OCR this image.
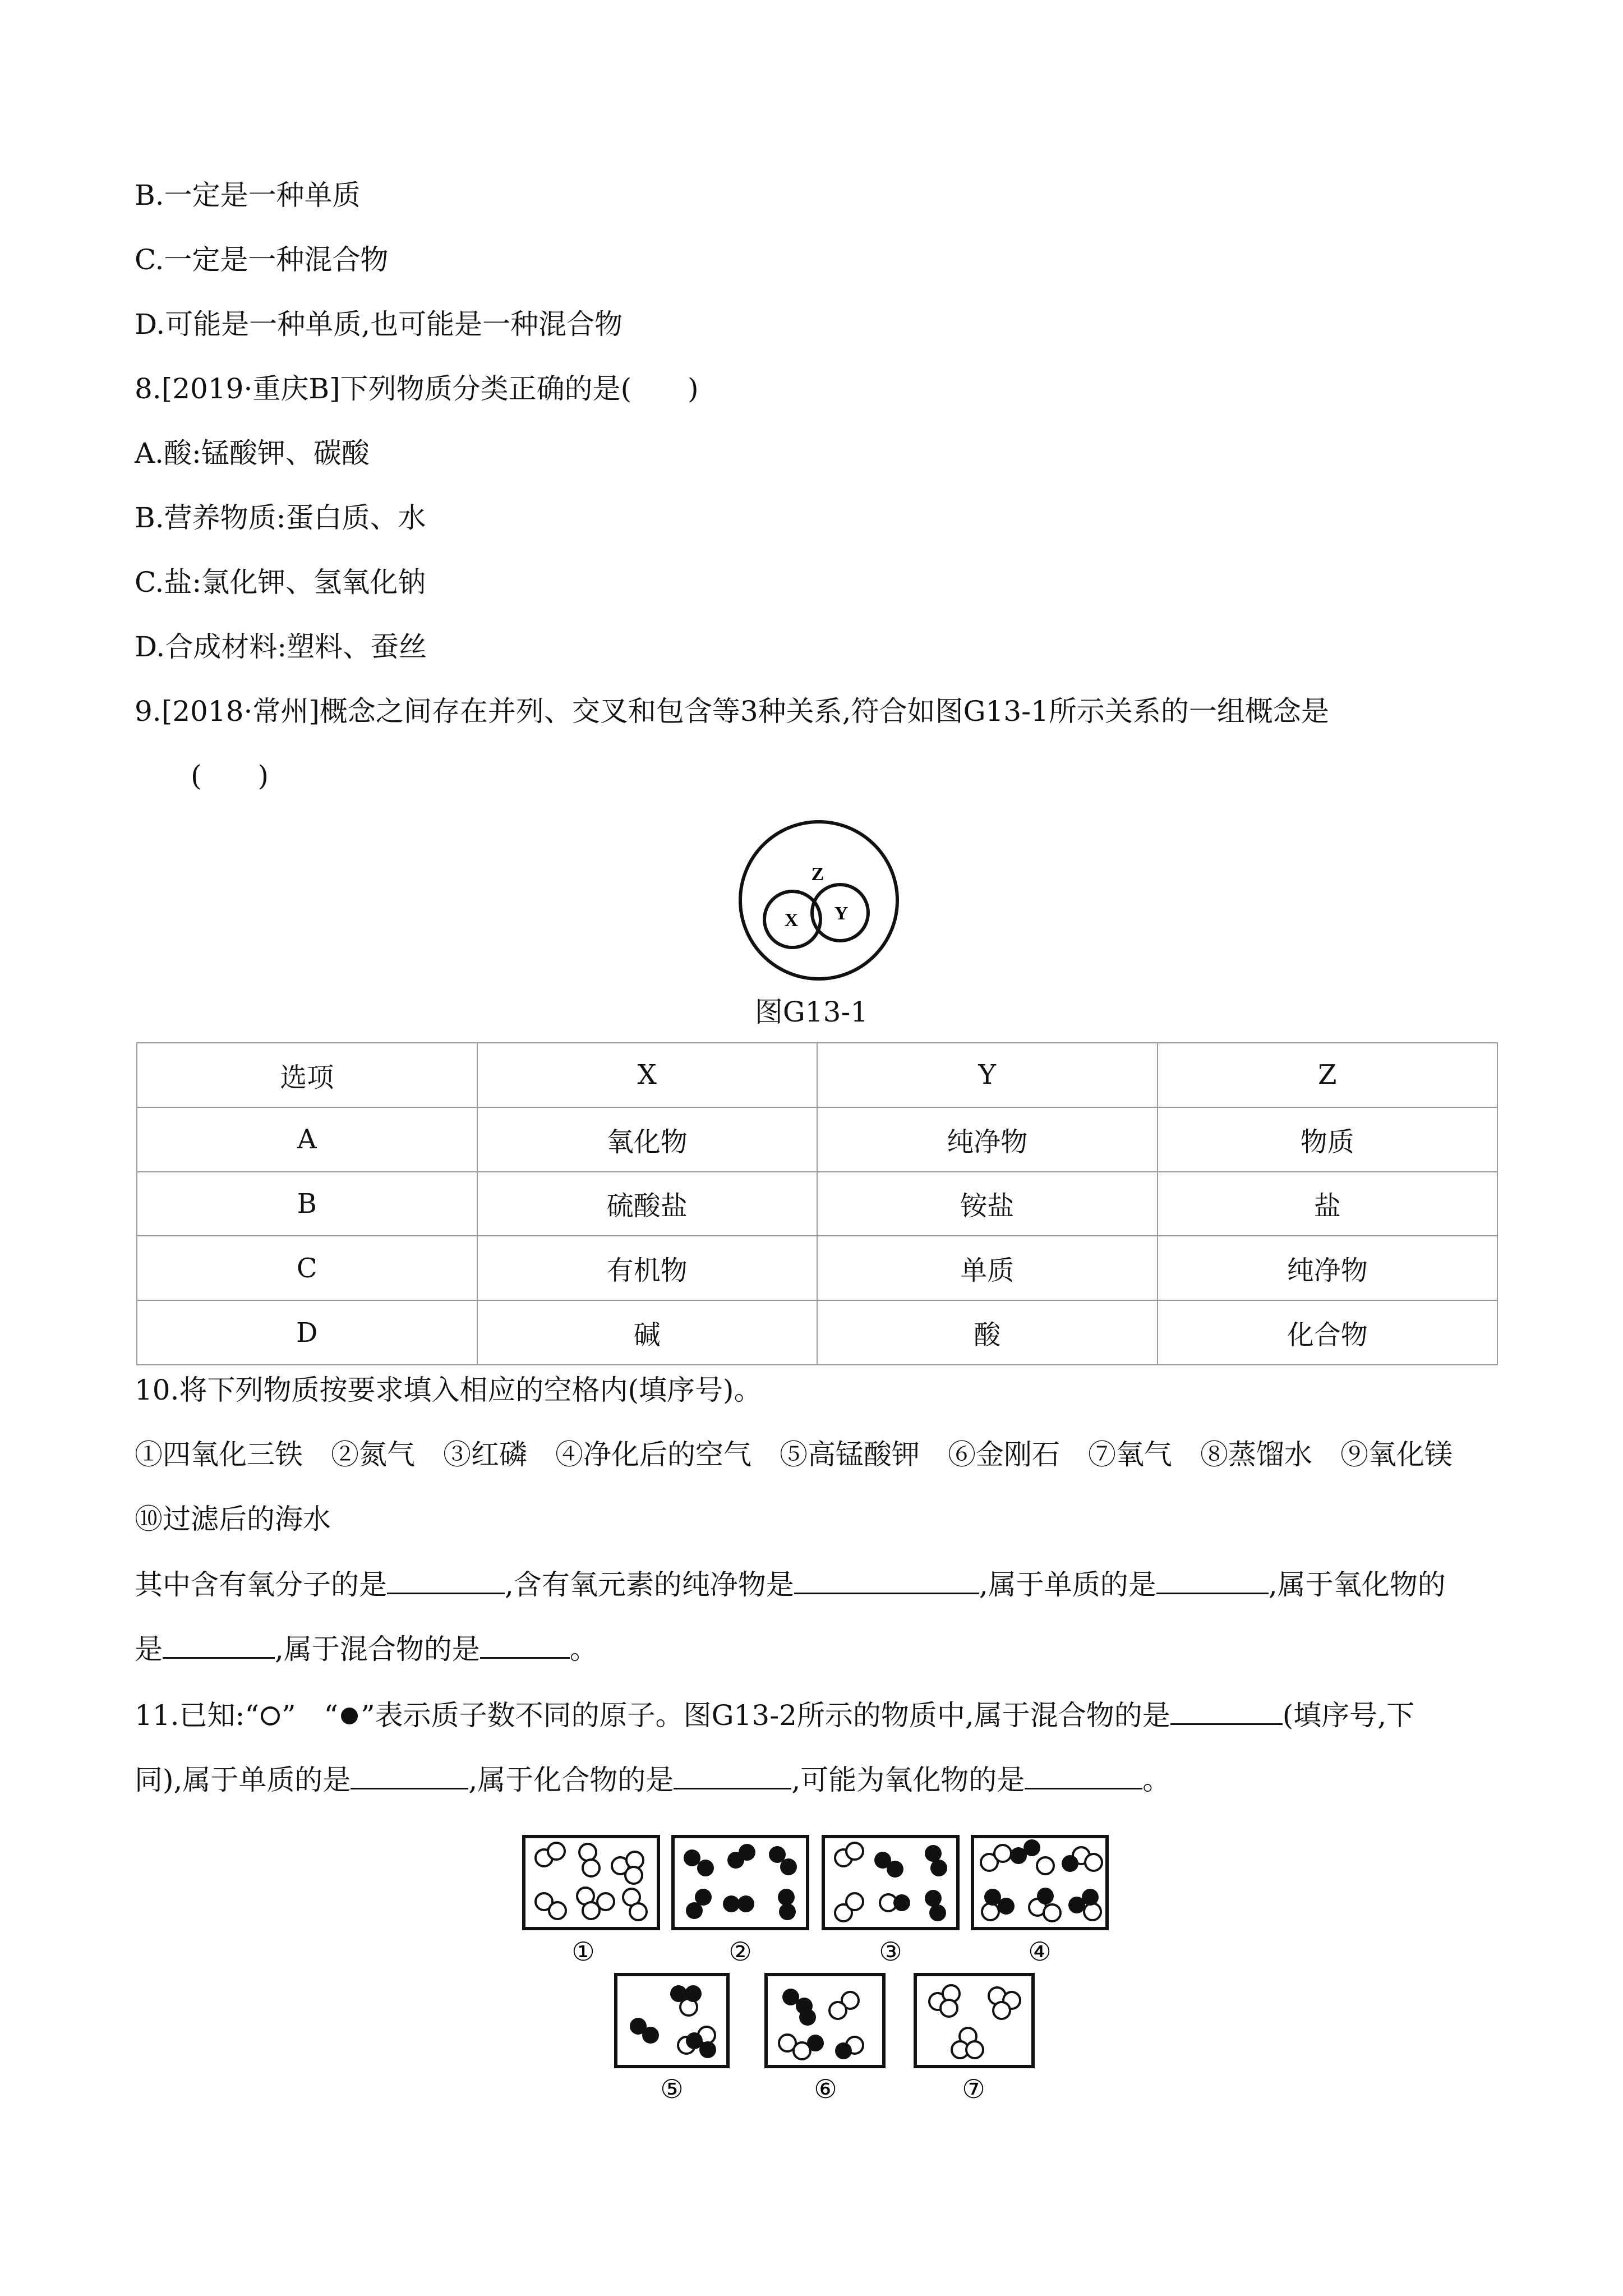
B.一定是一种单质
C.一定是一种混合物
D.可能是一种单质,也可能是一种混合物
8.[2019·重庆B]下列物质分类正确的是(　　)
A.酸:锰酸钾、碳酸
B.营养物质:蛋白质、水
C.盐:氯化钾、氢氧化钠
D.合成材料:塑料、蚕丝
9.[2018·常州]概念之间存在并列、交叉和包含等3种关系,符合如图G13-1所示关系的一组概念是
(　　)
Z
X Y
图G13-1
选项	X	Y	Z
A	氧化物	纯净物	物质
B	硫酸盐	铵盐	盐
C	有机物	单质	纯净物
D	碱	酸	化合物
10.将下列物质按要求填入相应的空格内(填序号)。
①四氧化三铁　②氮气　③红磷　④净化后的空气　⑤高锰酸钾　⑥金刚石　⑦氧气　⑧蒸馏水　⑨氧化镁
⑩过滤后的海水
其中含有氧分子的是	,含有氧元素的纯净物是	,属于单质的是	,属于氧化物的
是	,属于混合物的是	。
11.已知:“ ”　“ ”表示质子数不同的原子。图G13-2所示的物质中,属于混合物的是	(填序号,下
同),属于单质的是	,属于化合物的是	,可能为氧化物的是	。
①	②	③	④
⑤	⑥	⑦
